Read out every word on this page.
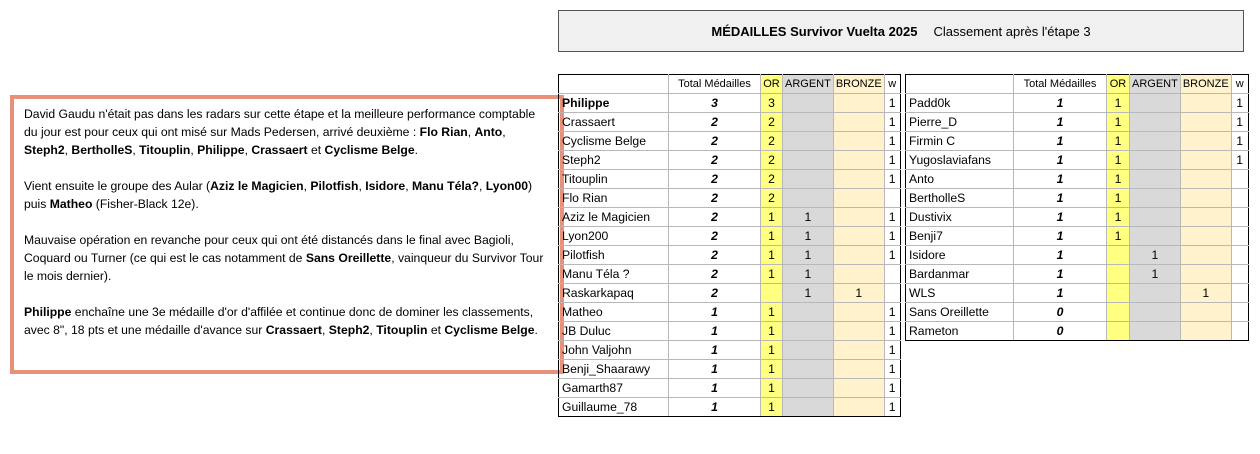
David Gaudu n'était pas dans les radars sur cette étape et la meilleure performance comptable du jour est pour ceux qui ont misé sur Mads Pedersen, arrivé deuxième : Flo Rian, Anto, Steph2, BertholleS, Titouplin, Philippe, Crassaert et Cyclisme Belge.

Vient ensuite le groupe des Aular (Aziz le Magicien, Pilotfish, Isidore, Manu Téla?, Lyon00) puis Matheo (Fisher-Black 12e).

Mauvaise opération en revanche pour ceux qui ont été distancés dans le final avec Bagioli, Coquard ou Turner (ce qui est le cas notamment de Sans Oreillette, vainqueur du Survivor Tour le mois dernier).

Philippe enchaîne une 3e médaille d'or d'affilée et continue donc de dominer les classements, avec 8", 18 pts et une médaille d'avance sur Crassaert, Steph2, Titouplin et Cyclisme Belge.

MÉDAILLES Survivor Vuelta 2025 Classement après l'étape 3
	Total Médailles	OR	ARGENT	BRONZE	w
Philippe	3	3			1
Crassaert	2	2			1
Cyclisme Belge	2	2			1
Steph2	2	2			1
Titouplin	2	2			1
Flo Rian	2	2			
Aziz le Magicien	2	1	1		1
Lyon200	2	1	1		1
Pilotfish	2	1	1		1
Manu Téla ?	2	1	1		
Raskarkapaq	2		1	1	
Matheo	1	1			1
JB Duluc	1	1			1
John Valjohn	1	1			1
Benji_Shaarawy	1	1			1
Gamarth87	1	1			1
Guillaume_78	1	1			1
	Total Médailles	OR	ARGENT	BRONZE	w
Padd0k	1	1			1
Pierre_D	1	1			1
Firmin C	1	1			1
Yugoslaviafans	1	1			1
Anto	1	1			
BertholleS	1	1			
Dustivix	1	1			
Benji7	1	1			
Isidore	1		1		
Bardanmar	1		1		
WLS	1			1	
Sans Oreillette	0				
Rameton	0				
